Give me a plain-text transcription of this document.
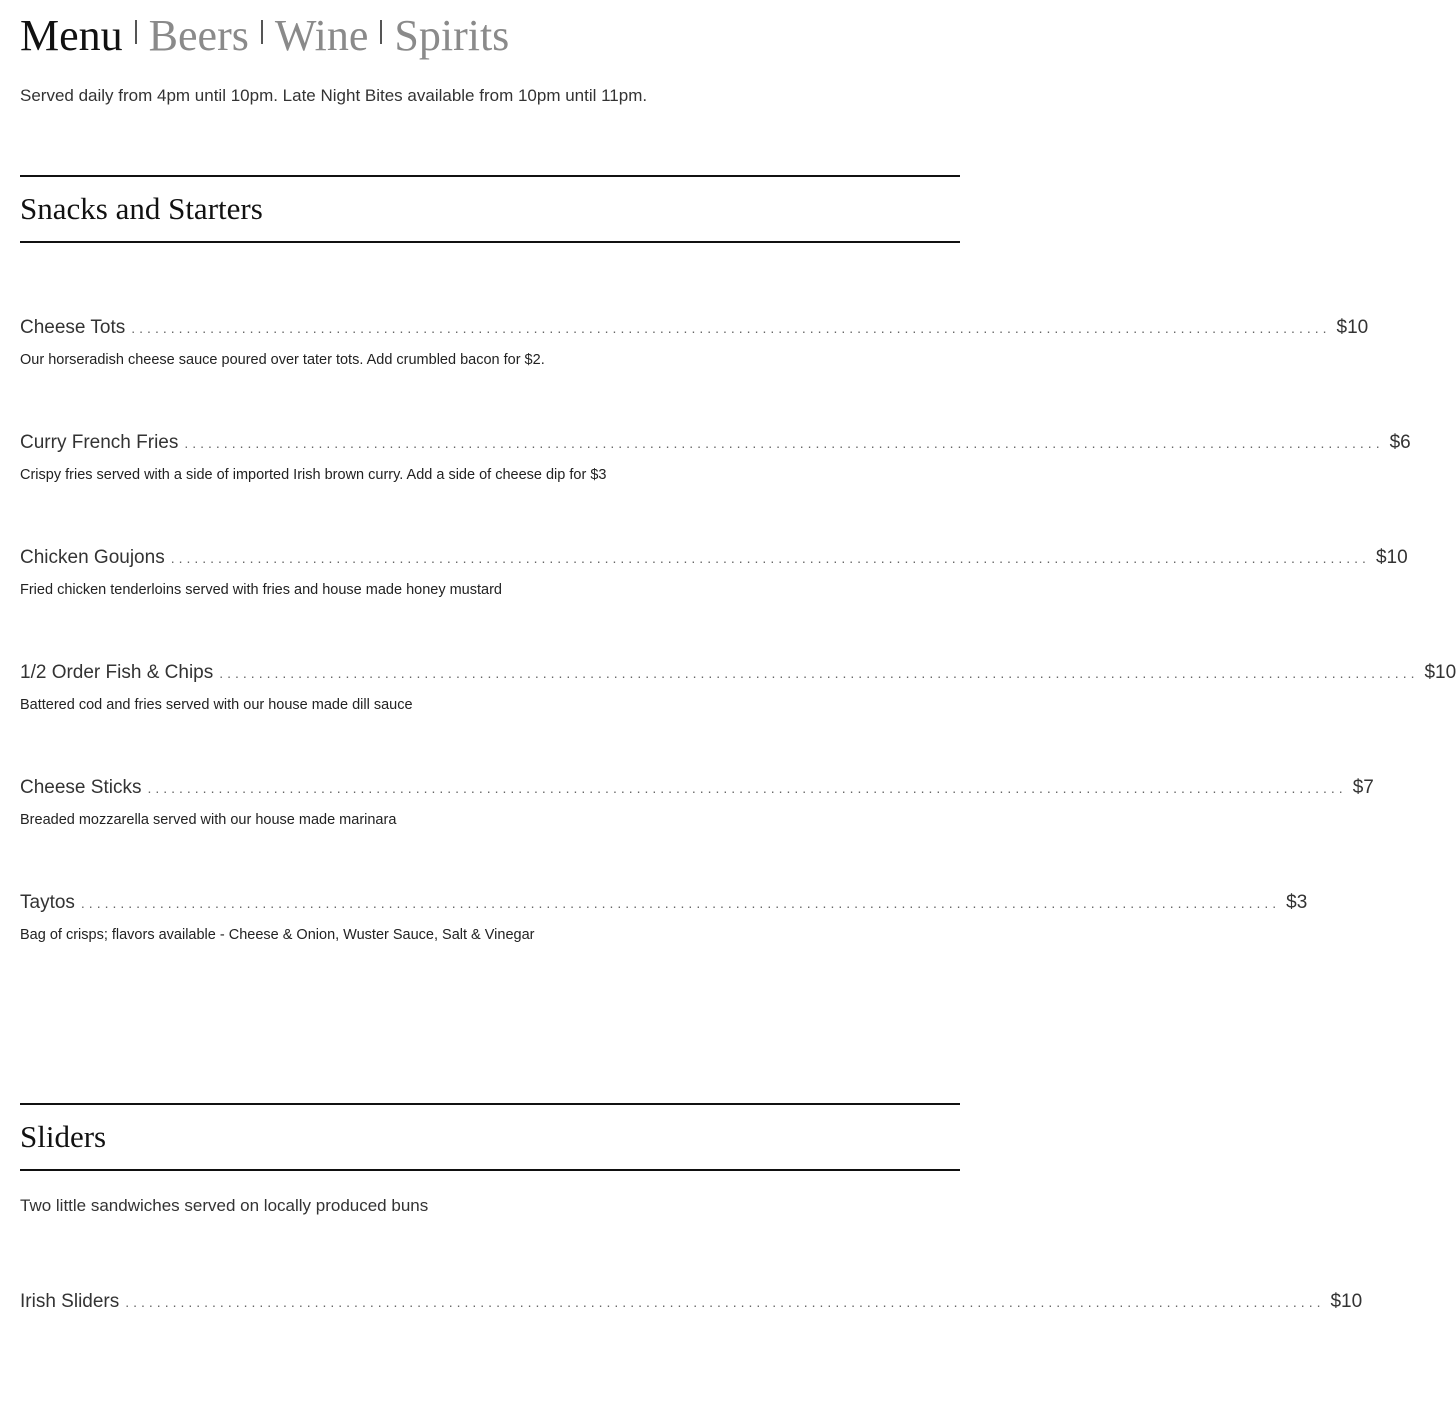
Menu Beers Wine Spirits
Served daily from 4pm until 10pm. Late Night Bites available from 10pm until 11pm.
Snacks and Starters
Cheese Tots ........................................................................................................................................................ $10
Our horseradish cheese sauce poured over tater tots. Add crumbled bacon for $2.
Curry French Fries ........................................................................................................................................................ $6
Crispy fries served with a side of imported Irish brown curry. Add a side of cheese dip for $3
Chicken Goujons ........................................................................................................................................................ $10
Fried chicken tenderloins served with fries and house made honey mustard
1/2 Order Fish & Chips ........................................................................................................................................................ $10
Battered cod and fries served with our house made dill sauce
Cheese Sticks ........................................................................................................................................................ $7
Breaded mozzarella served with our house made marinara
Taytos ........................................................................................................................................................ $3
Bag of crisps; flavors available - Cheese & Onion, Wuster Sauce, Salt & Vinegar
Sliders
Two little sandwiches served on locally produced buns
Irish Sliders ........................................................................................................................................................ $10
